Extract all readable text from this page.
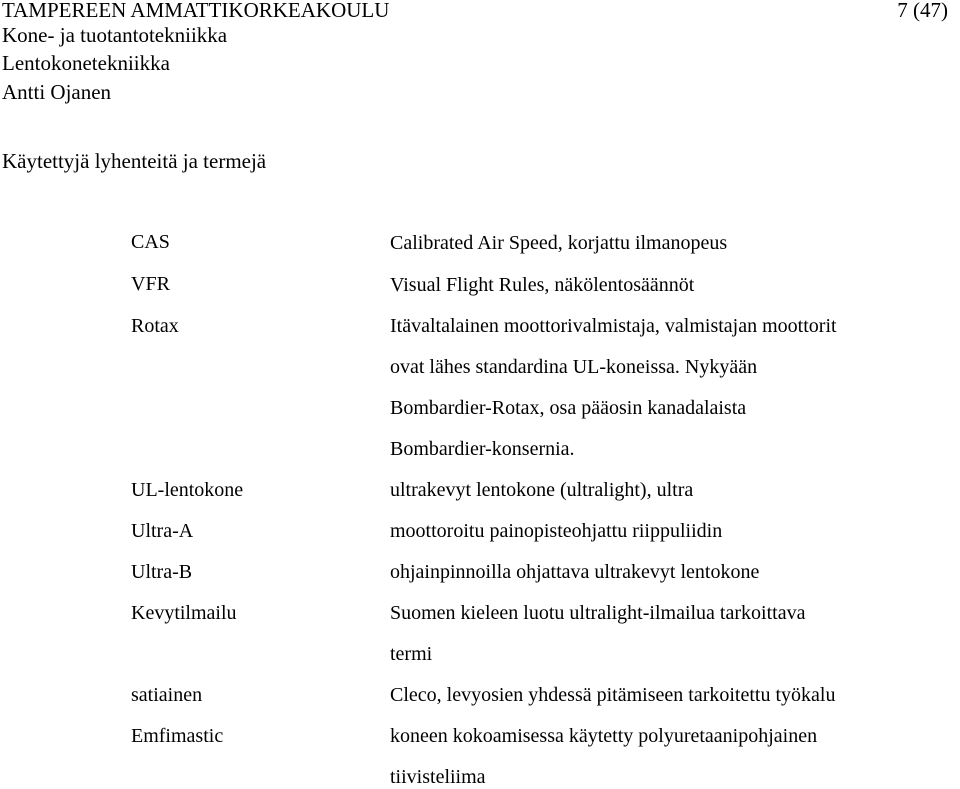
TAMPEREEN AMMATTIKORKEAKOULU	7 (47)
Kone- ja tuotantotekniikka
Lentokonetekniikka
Antti Ojanen
Käytettyjä lyhenteitä ja termejä
CAS
VFR
Rotax
UL-lentokone
Ultra-A
Ultra-B
Kevytilmailu
satiainen
Emfimastic
Calibrated Air Speed, korjattu ilmanopeus
Visual Flight Rules, näkölentosäännöt
Itävaltalainen moottorivalmistaja, valmistajan moottorit
ovat lähes standardina UL-koneissa. Nykyään
Bombardier-Rotax, osa pääosin kanadalaista
Bombardier-konsernia.
ultrakevyt lentokone (ultralight), ultra
moottoroitu painopisteohjattu riippuliidin
ohjainpinnoilla ohjattava ultrakevyt lentokone
Suomen kieleen luotu ultralight-ilmailua tarkoittava
termi
Cleco, levyosien yhdessä pitämiseen tarkoitettu työkalu
koneen kokoamisessa käytetty polyuretaanipohjainen
tiivisteliima
